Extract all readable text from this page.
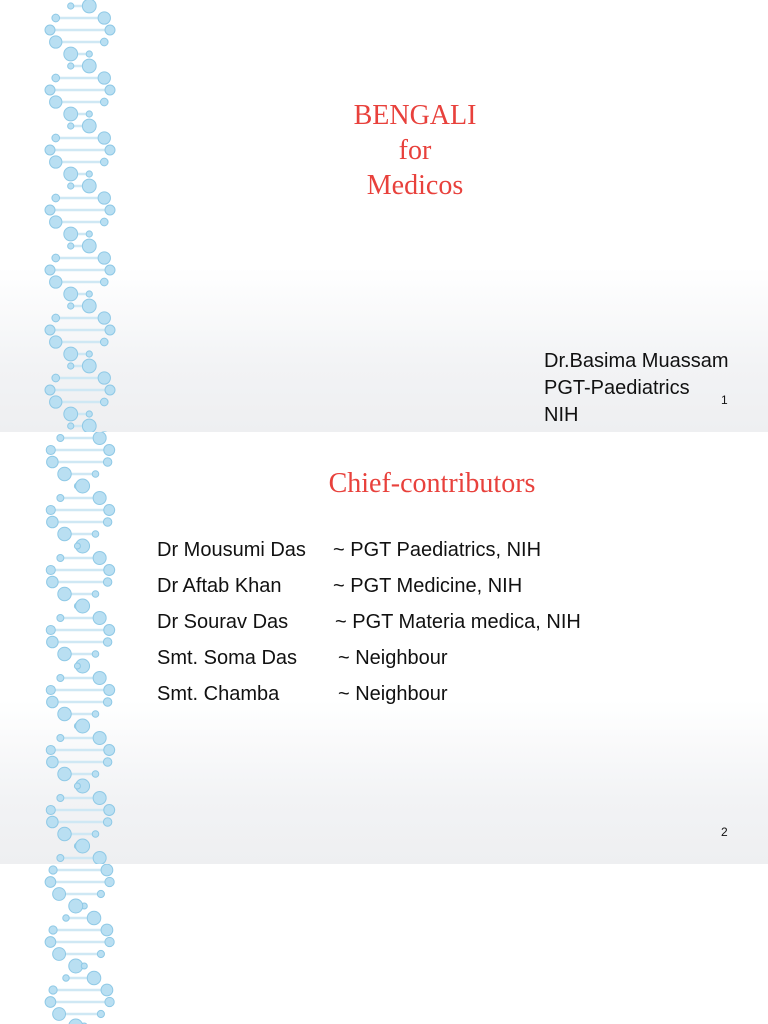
BENGALI
for
Medicos
Dr.Basima Muassam
PGT-Paediatrics
NIH
1
Chief-contributors
Dr Mousumi Das ~ PGT Paediatrics, NIH
Dr Aftab Khan	~ PGT Medicine, NIH
Dr Sourav Das ~ PGT Materia medica, NIH
Smt. Soma Das ~ Neighbour
Smt. Chamba	~ Neighbour
2
